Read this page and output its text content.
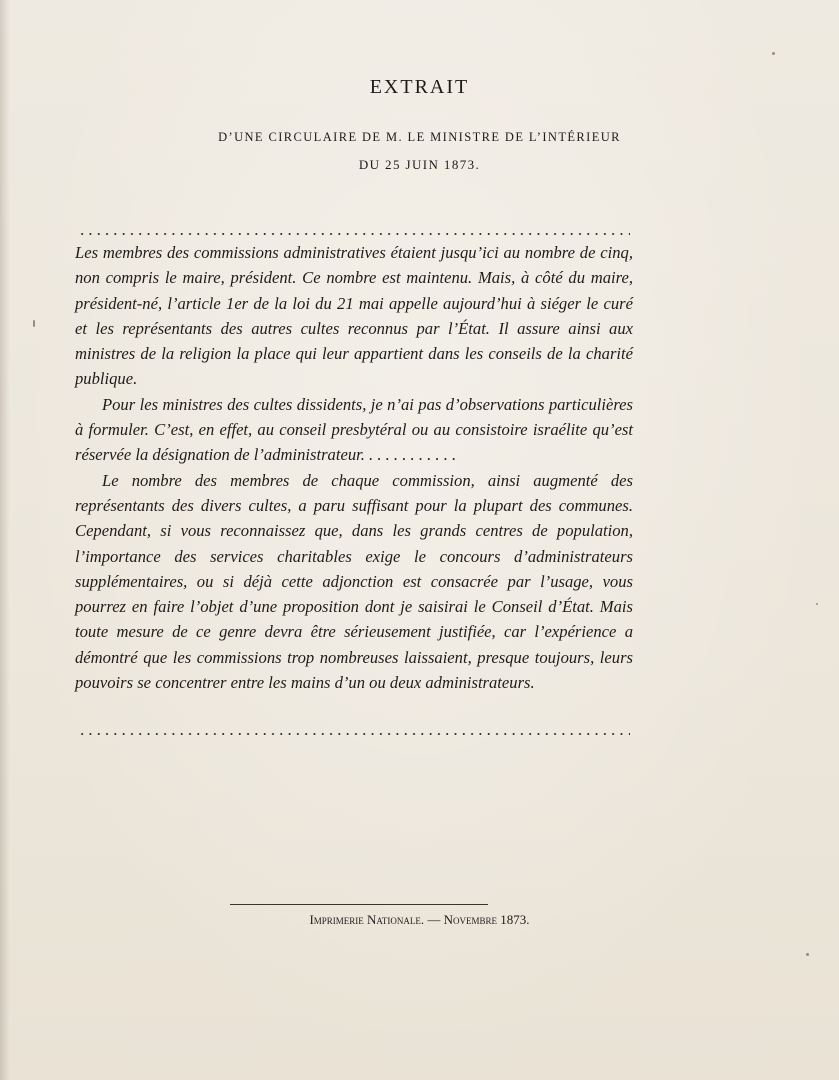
EXTRAIT

D’UNE CIRCULAIRE DE M. LE MINISTRE DE L’INTÉRIEUR

DU 25 JUIN 1873.

Les membres des commissions administratives étaient jusqu’ici au nombre de cinq, non compris le maire, président. Ce nombre est maintenu. Mais, à côté du maire, président-né, l’article 1er de la loi du 21 mai appelle aujourd’hui à siéger le curé et les représentants des autres cultes reconnus par l’État. Il assure ainsi aux ministres de la religion la place qui leur appartient dans les conseils de la charité publique.

Pour les ministres des cultes dissidents, je n’ai pas d’observations particulières à formuler. C’est, en effet, au conseil presbytéral ou au consistoire israélite qu’est réservée la désignation de l’administrateur. . . . . . . . . . . .

Le nombre des membres de chaque commission, ainsi augmenté des représentants des divers cultes, a paru suffisant pour la plupart des communes. Cependant, si vous reconnaissez que, dans les grands centres de population, l’importance des services charitables exige le concours d’administrateurs supplémentaires, ou si déjà cette adjonction est consacrée par l’usage, vous pourrez en faire l’objet d’une proposition dont je saisirai le Conseil d’État. Mais toute mesure de ce genre devra être sérieusement justifiée, car l’expérience a démontré que les commissions trop nombreuses laissaient, presque toujours, leurs pouvoirs se concentrer entre les mains d’un ou deux administrateurs.

Imprimerie Nationale. — Novembre 1873.
